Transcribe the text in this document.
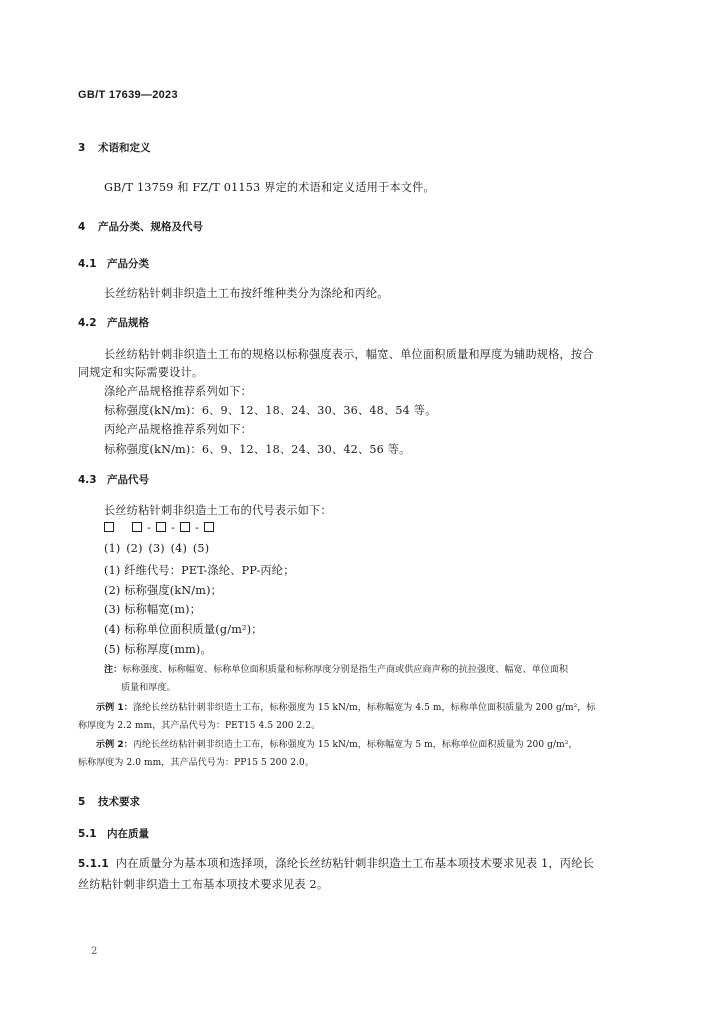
GB/T 17639—2023
3 术语和定义
GB/T 13759 和 FZ/T 01153 界定的术语和定义适用于本文件。
4 产品分类、规格及代号
4.1 产品分类
长丝纺粘针刺非织造土工布按纤维种类分为涤纶和丙纶。
4.2 产品规格
长丝纺粘针刺非织造土工布的规格以标称强度表示，幅宽、单位面积质量和厚度为辅助规格，按合
同规定和实际需要设计。
涤纶产品规格推荐系列如下：
标称强度(kN/m)：6、9、12、18、24、30、36、48、54 等。
丙纶产品规格推荐系列如下：
标称强度(kN/m)：6、9、12、18、24、30、42、56 等。
4.3 产品代号
长丝纺粘针刺非织造土工布的代号表示如下：
- - -
(1) (2) (3) (4) (5)
(1) 纤维代号：PET-涤纶、PP-丙纶；
(2) 标称强度(kN/m)；
(3) 标称幅宽(m)；
(4) 标称单位面积质量(g/m²)；
(5) 标称厚度(mm)。
注：标称强度、标称幅宽、标称单位面积质量和标称厚度分别是指生产商或供应商声称的抗拉强度、幅宽、单位面积
质量和厚度。
示例 1：涤纶长丝纺粘针刺非织造土工布，标称强度为 15 kN/m，标称幅宽为 4.5 m，标称单位面积质量为 200 g/m²，标
称厚度为 2.2 mm，其产品代号为：PET15 4.5 200 2.2。
示例 2：丙纶长丝纺粘针刺非织造土工布，标称强度为 15 kN/m，标称幅宽为 5 m，标称单位面积质量为 200 g/m²，
标称厚度为 2.0 mm，其产品代号为：PP15 5 200 2.0。
5 技术要求
5.1 内在质量
5.1.1 内在质量分为基本项和选择项，涤纶长丝纺粘针刺非织造土工布基本项技术要求见表 1，丙纶长
丝纺粘针刺非织造土工布基本项技术要求见表 2。
2
